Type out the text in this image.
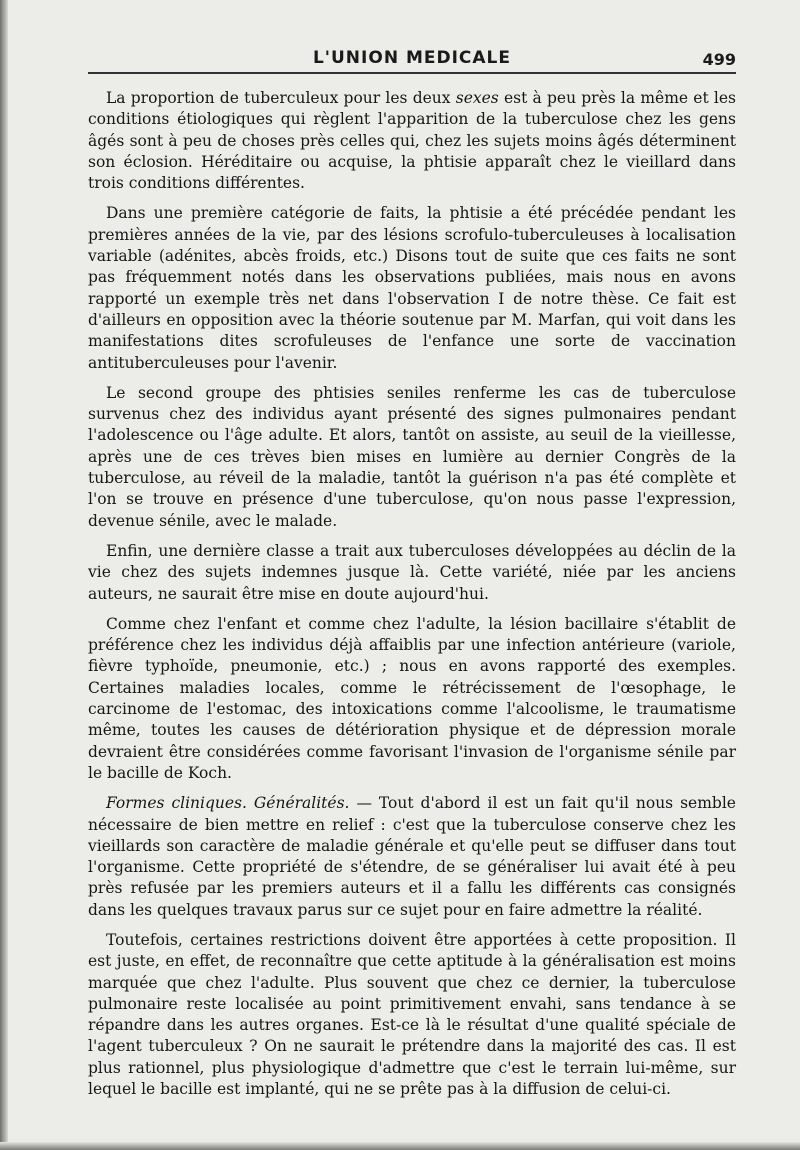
L'UNION MEDICALE	499

La proportion de tuberculeux pour les deux sexes est à peu près la même et les conditions étiologiques qui règlent l'apparition de la tuberculose chez les gens âgés sont à peu de choses près celles qui, chez les sujets moins âgés déterminent son éclosion. Héréditaire ou acquise, la phtisie apparaît chez le vieillard dans trois conditions différentes.

Dans une première catégorie de faits, la phtisie a été précédée pendant les premières années de la vie, par des lésions scrofulo-tuberculeuses à localisation variable (adénites, abcès froids, etc.) Disons tout de suite que ces faits ne sont pas fréquemment notés dans les observations publiées, mais nous en avons rapporté un exemple très net dans l'observation I de notre thèse. Ce fait est d'ailleurs en opposition avec la théorie soutenue par M. Marfan, qui voit dans les manifestations dites scrofuleuses de l'enfance une sorte de vaccination antituberculeuses pour l'avenir.

Le second groupe des phtisies seniles renferme les cas de tuberculose survenus chez des individus ayant présenté des signes pulmonaires pendant l'adolescence ou l'âge adulte. Et alors, tantôt on assiste, au seuil de la vieillesse, après une de ces trèves bien mises en lumière au dernier Congrès de la tuberculose, au réveil de la maladie, tantôt la guérison n'a pas été complète et l'on se trouve en présence d'une tuberculose, qu'on nous passe l'expression, devenue sénile, avec le malade.

Enfin, une dernière classe a trait aux tuberculoses développées au déclin de la vie chez des sujets indemnes jusque là. Cette variété, niée par les anciens auteurs, ne saurait être mise en doute aujourd'hui.

Comme chez l'enfant et comme chez l'adulte, la lésion bacillaire s'établit de préférence chez les individus déjà affaiblis par une infection antérieure (variole, fièvre typhoïde, pneumonie, etc.) ; nous en avons rapporté des exemples. Certaines maladies locales, comme le rétrécissement de l'œsophage, le carcinome de l'estomac, des intoxications comme l'alcoolisme, le traumatisme même, toutes les causes de détérioration physique et de dépression morale devraient être considérées comme favorisant l'invasion de l'organisme sénile par le bacille de Koch.

Formes cliniques. Généralités. — Tout d'abord il est un fait qu'il nous semble nécessaire de bien mettre en relief : c'est que la tuberculose conserve chez les vieillards son caractère de maladie générale et qu'elle peut se diffuser dans tout l'organisme. Cette propriété de s'étendre, de se généraliser lui avait été à peu près refusée par les premiers auteurs et il a fallu les différents cas consignés dans les quelques travaux parus sur ce sujet pour en faire admettre la réalité.

Toutefois, certaines restrictions doivent être apportées à cette proposition. Il est juste, en effet, de reconnaître que cette aptitude à la généralisation est moins marquée que chez l'adulte. Plus souvent que chez ce dernier, la tuberculose pulmonaire reste localisée au point primitivement envahi, sans tendance à se répandre dans les autres organes. Est-ce là le résultat d'une qualité spéciale de l'agent tuberculeux ? On ne saurait le prétendre dans la majorité des cas. Il est plus rationnel, plus physiologique d'admettre que c'est le terrain lui-même, sur lequel le bacille est implanté, qui ne se prête pas à la diffusion de celui-ci.
